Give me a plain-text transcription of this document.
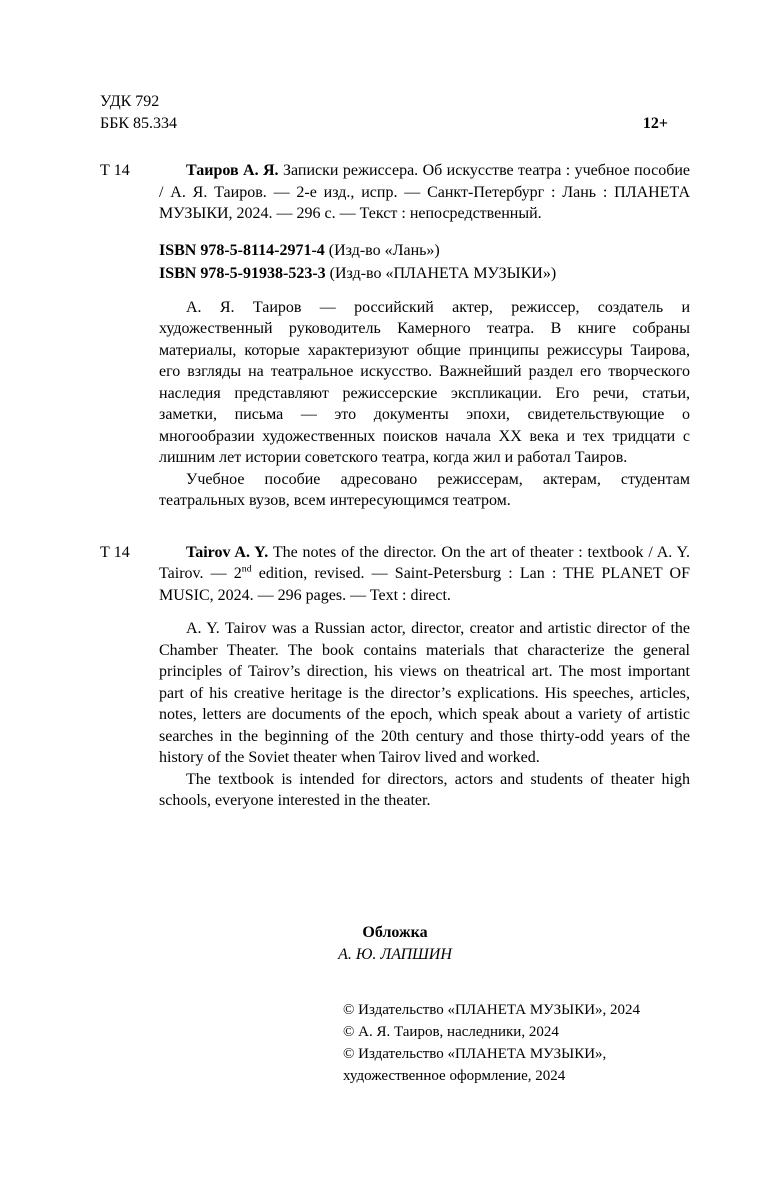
УДК 792
ББК 85.334	12+
Т 14	Таиров А. Я. Записки режиссера. Об искусстве театра : учебное пособие / А. Я. Таиров. — 2-е изд., испр. — Санкт-Петербург : Лань : ПЛАНЕТА МУЗЫКИ, 2024. — 296 с. — Текст : непосредственный.

ISBN 978-5-8114-2971-4 (Изд-во «Лань»)

ISBN 978-5-91938-523-3 (Изд-во «ПЛАНЕТА МУЗЫКИ»)

А. Я. Таиров — российский актер, режиссер, создатель и художественный руководитель Камерного театра. В книге собраны материалы, которые характеризуют общие принципы режиссуры Таирова, его взгляды на театральное искусство. Важнейший раздел его творческого наследия представляют режиссерские экспликации. Его речи, статьи, заметки, письма — это документы эпохи, свидетельствующие о многообразии художественных поисков начала XX века и тех тридцати с лишним лет истории советского театра, когда жил и работал Таиров.

Учебное пособие адресовано режиссерам, актерам, студентам театральных вузов, всем интересующимся театром.

Т 14	Tairov A. Y. The notes of the director. On the art of theater : textbook / A. Y. Tairov. — 2nd edition, revised. — Saint-Petersburg : Lan : THE PLANET OF MUSIC, 2024. — 296 pages. — Text : direct.

A. Y. Tairov was a Russian actor, director, creator and artistic director of the Chamber Theater. The book contains materials that characterize the general principles of Tairov’s direction, his views on theatrical art. The most important part of his creative heritage is the director’s explications. His speeches, articles, notes, letters are documents of the epoch, which speak about a variety of artistic searches in the beginning of the 20th century and those thirty-odd years of the history of the Soviet theater when Tairov lived and worked.

The textbook is intended for directors, actors and students of theater high schools, everyone interested in the theater.

Обложка
А. Ю. ЛАПШИН
© Издательство «ПЛАНЕТА МУЗЫКИ», 2024
© А. Я. Таиров, наследники, 2024
© Издательство «ПЛАНЕТА МУЗЫКИ»,
художественное оформление, 2024
